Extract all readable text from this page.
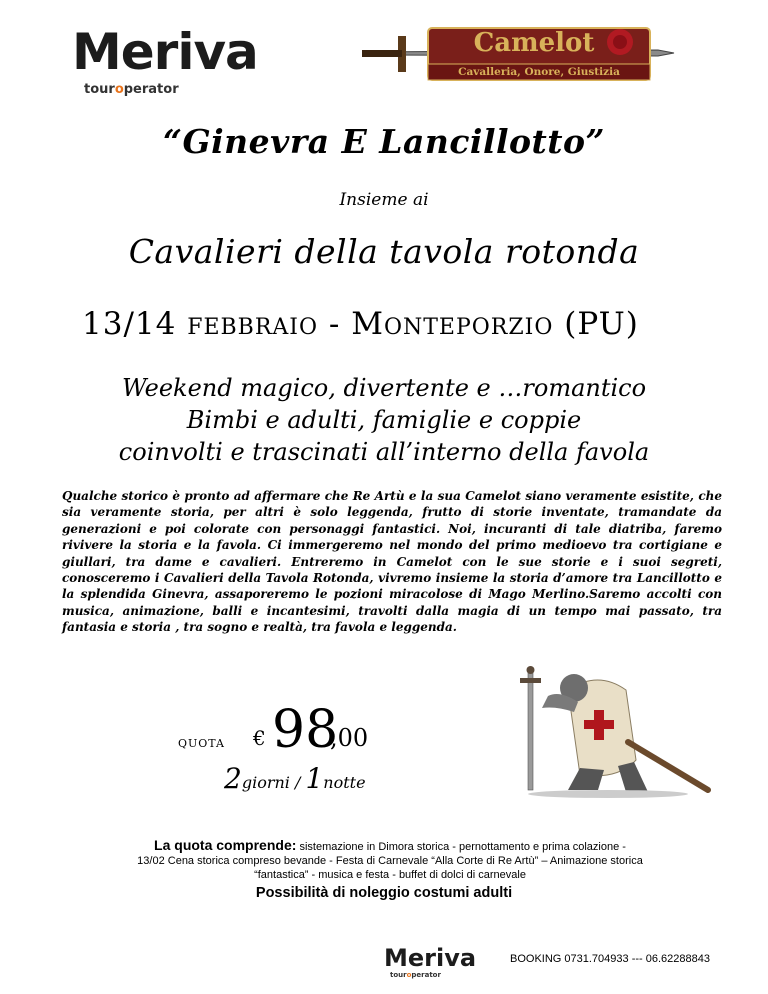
Meriva
touroperator
Camelot
Cavalleria, Onore, Giustizia
“Ginevra E Lancillotto”
Insieme ai
Cavalieri della tavola rotonda
13/14 febbraio - Monteporzio (PU)
Weekend magico, divertente e …romantico
Bimbi e adulti, famiglie e coppie
coinvolti e trascinati all’interno della favola
Qualche storico è pronto ad affermare che Re Artù e la sua Camelot siano veramente esistite, che sia veramente storia, per altri è solo leggenda, frutto di storie inventate, tramandate da generazioni e poi colorate con personaggi fantastici. Noi, incuranti di tale diatriba, faremo rivivere la storia e la favola. Ci immergeremo nel mondo del primo medioevo tra cortigiane e giullari, tra dame e cavalieri. Entreremo in Camelot con le sue storie e i suoi segreti, conosceremo i Cavalieri della Tavola Rotonda, vivremo insieme la storia d’amore tra Lancillotto e la splendida Ginevra, assaporeremo le pozioni miracolose di Mago Merlino.Saremo accolti con musica, animazione, balli e incantesimi, travolti dalla magia di un tempo mai passato, tra fantasia e storia , tra sogno e realtà, tra favola e leggenda.
quota € 98
,00
2giorni / 1notte
La quota comprende: sistemazione in Dimora storica - pernottamento e prima colazione -
13/02 Cena storica compreso bevande - Festa di Carnevale “Alla Corte di Re Artù” – Animazione storica
“fantastica” - musica e festa - buffet di dolci di carnevale
Possibilità di noleggio costumi adulti
Meriva
touroperator
BOOKING 0731.704933 --- 06.62288843
